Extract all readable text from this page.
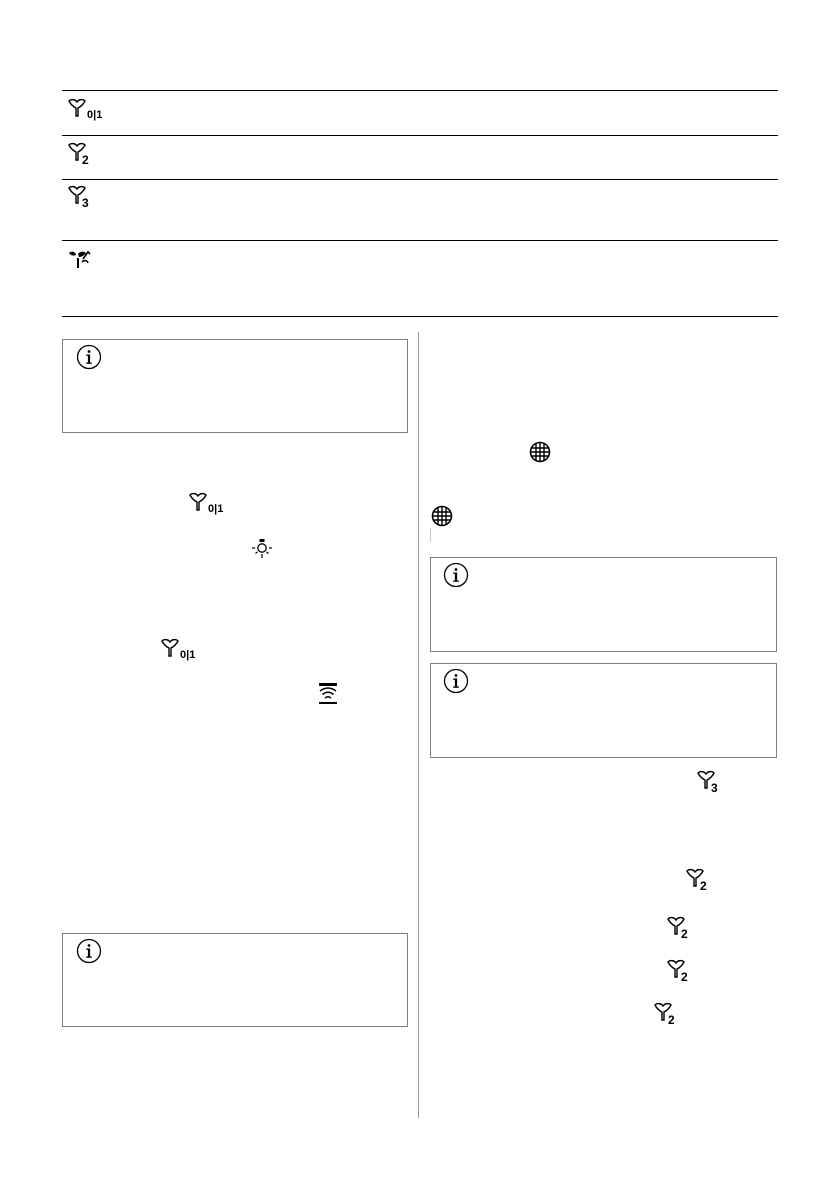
0|1
2
3
0|1
0|1
3
2
2
2
2
